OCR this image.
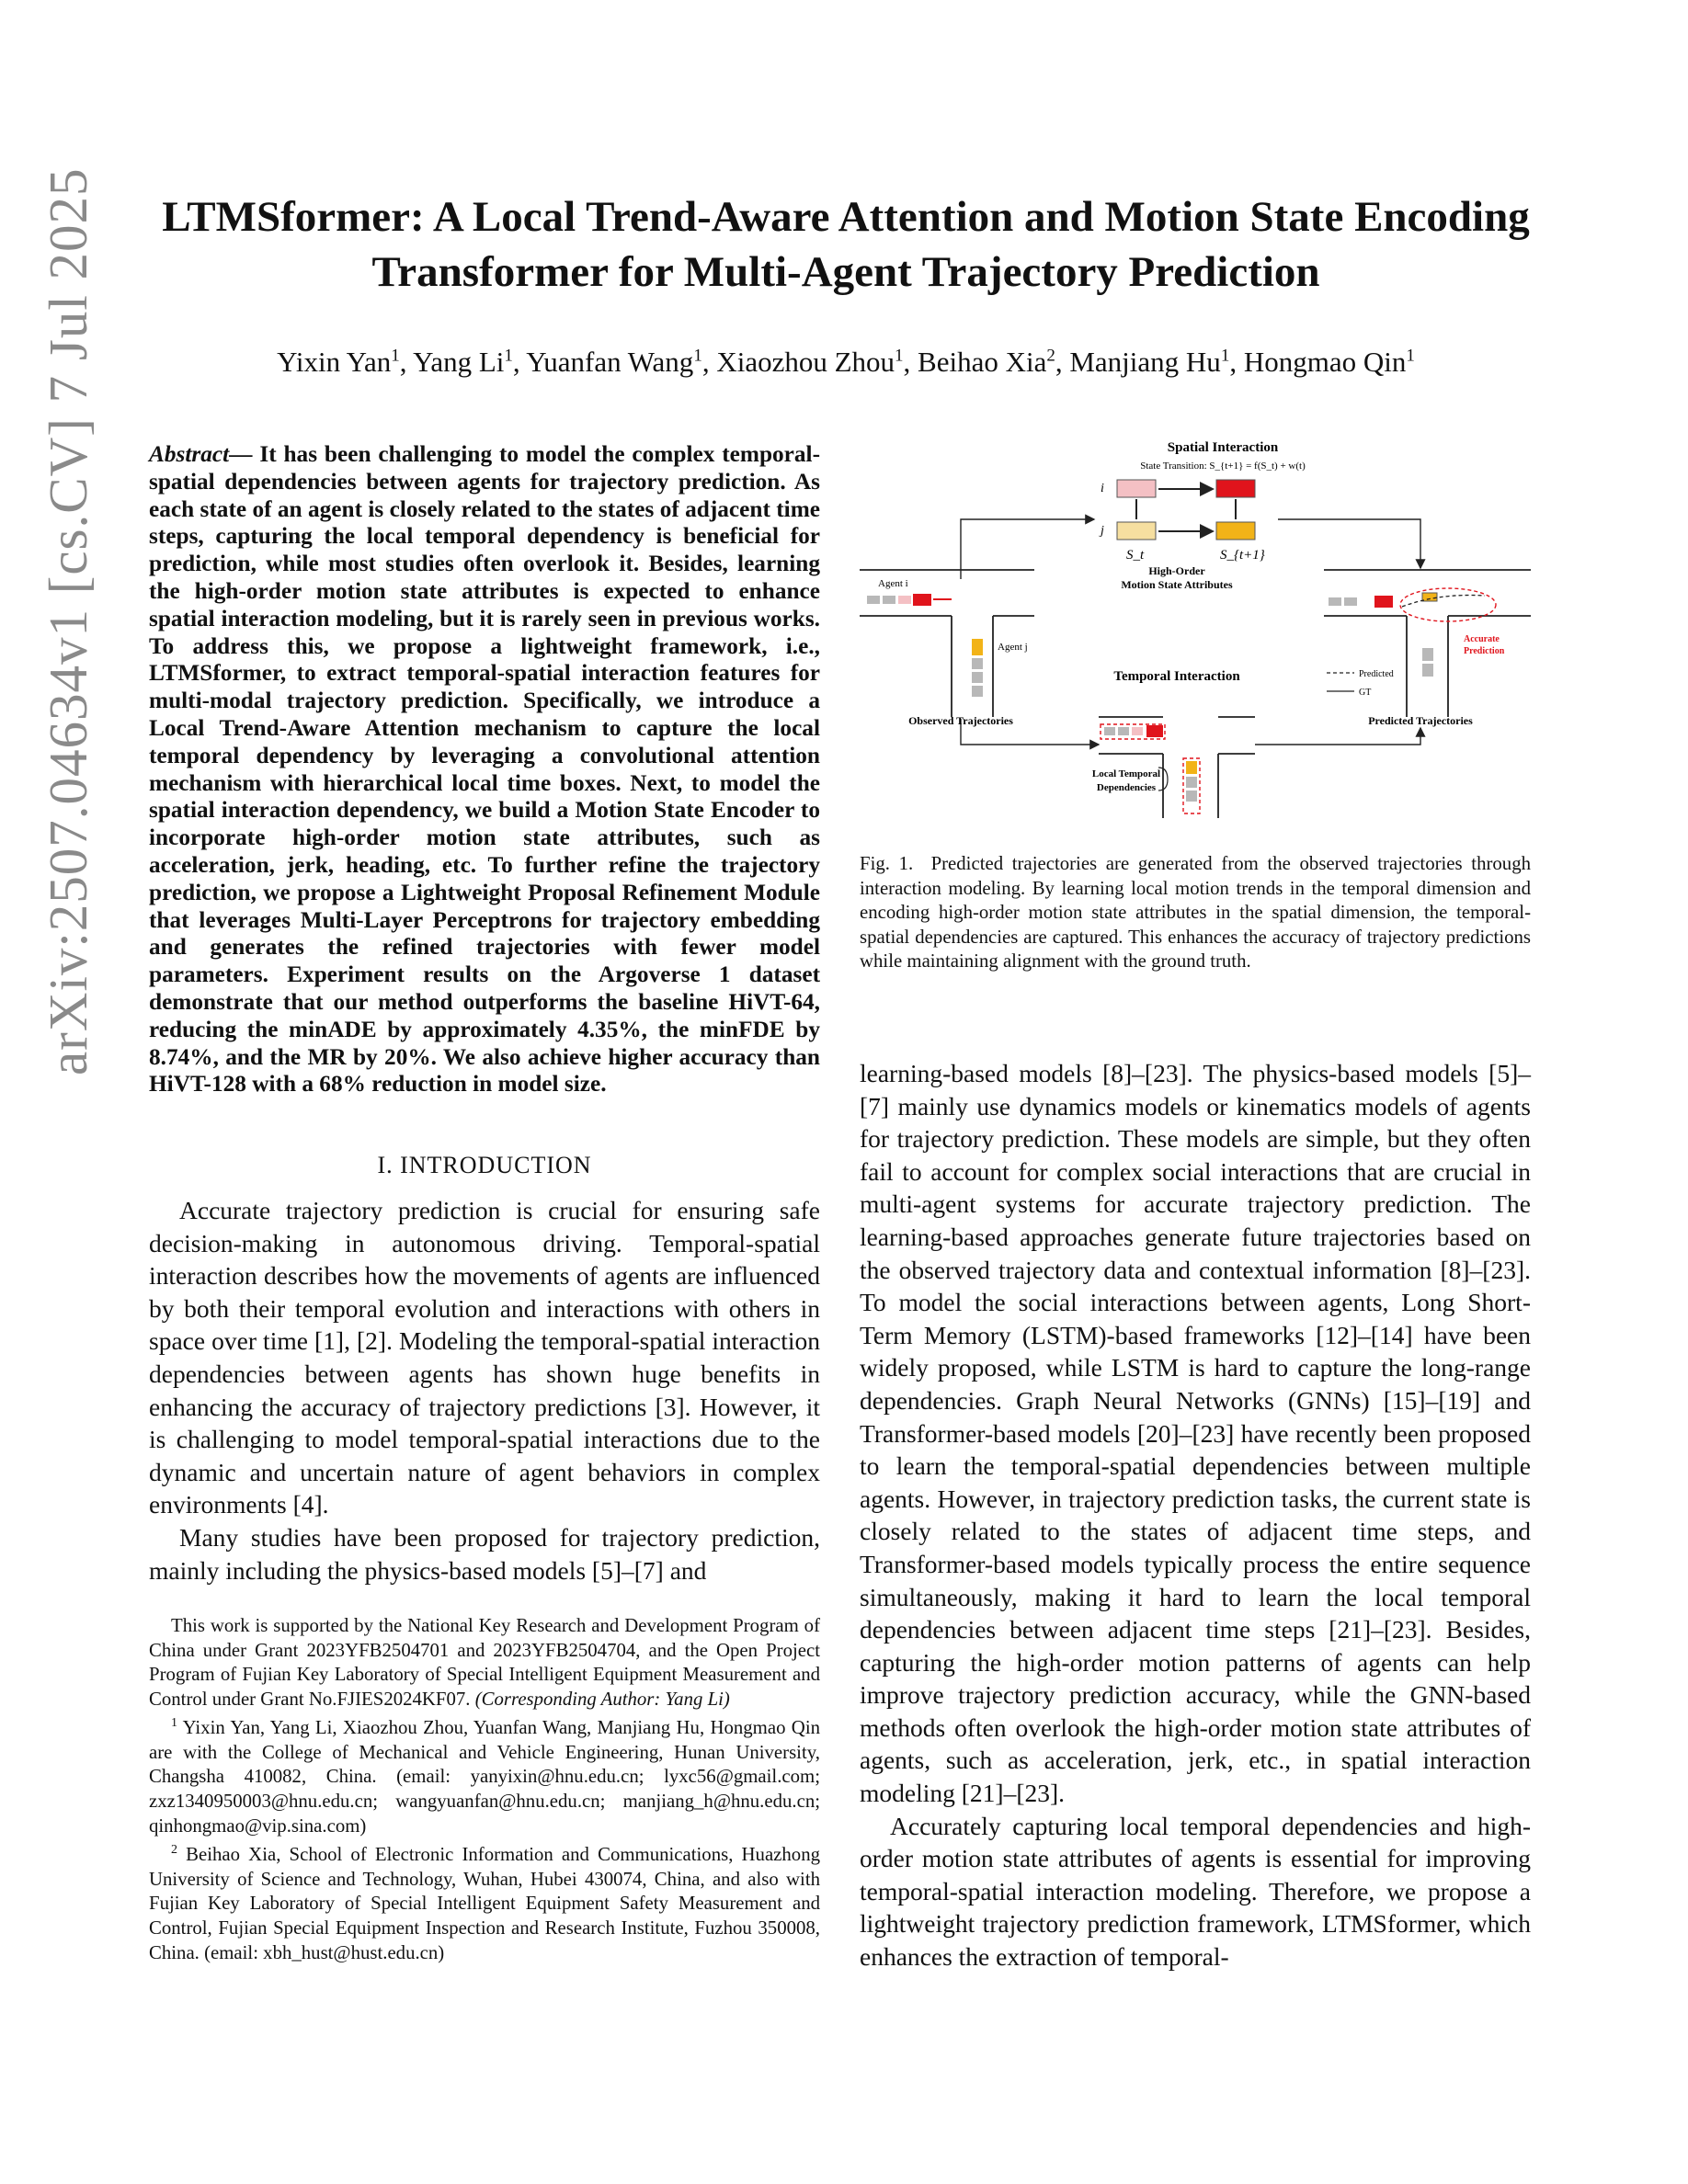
arXiv:2507.04634v1 [cs.CV] 7 Jul 2025	LTMSformer: A Local Trend-Aware Attention and Motion State Encoding Transformer for Multi-Agent Trajectory Prediction
Yixin Yan$^1$, Yang Li$^1$, Yuanfan Wang$^1$, Xiaozhou Zhou$^1$, Beihao Xia$^2$, Manjiang Hu$^1$, Hongmao Qin$^1$
Abstract— It has been challenging to model the complex temporal-spatial dependencies between agents for trajectory prediction. As each state of an agent is closely related to the states of adjacent time steps, capturing the local temporal dependency is beneficial for prediction, while most studies often overlook it. Besides, learning the high-order motion state attributes is expected to enhance spatial interaction modeling, but it is rarely seen in previous works. To address this, we propose a lightweight framework, i.e., LTMSformer, to extract temporal-spatial interaction features for multi-modal trajectory prediction. Specifically, we introduce a Local Trend-Aware Attention mechanism to capture the local temporal dependency by leveraging a convolutional attention mechanism with hierarchical local time boxes. Next, to model the spatial interaction dependency, we build a Motion State Encoder to incorporate high-order motion state attributes, such as acceleration, jerk, heading, etc. To further refine the trajectory prediction, we propose a Lightweight Proposal Refinement Module that leverages Multi-Layer Perceptrons for trajectory embedding and generates the refined trajectories with fewer model parameters. Experiment results on the Argoverse 1 dataset demonstrate that our method outperforms the baseline HiVT-64, reducing the minADE by approximately 4.35%, the minFDE by 8.74%, and the MR by 20%. We also achieve higher accuracy than HiVT-128 with a 68% reduction in model size.
I. INTRODUCTION

Accurate trajectory prediction is crucial for ensuring safe decision-making in autonomous driving. Temporal-spatial interaction describes how the movements of agents are influenced by both their temporal evolution and interactions with others in space over time [1], [2]. Modeling the temporal-spatial interaction dependencies between agents has shown huge benefits in enhancing the accuracy of trajectory predictions [3]. However, it is challenging to model temporal-spatial interactions due to the dynamic and uncertain nature of agent behaviors in complex environments [4].

Many studies have been proposed for trajectory prediction, mainly including the physics-based models [5]–[7] and

This work is supported by the National Key Research and Development Program of China under Grant 2023YFB2504701 and 2023YFB2504704, and the Open Project Program of Fujian Key Laboratory of Special Intelligent Equipment Measurement and Control under Grant No.FJIES2024KF07. (Corresponding Author: Yang Li)

$^1$ Yixin Yan, Yang Li, Xiaozhou Zhou, Yuanfan Wang, Manjiang Hu, Hongmao Qin are with the College of Mechanical and Vehicle Engineering, Hunan University, Changsha 410082, China. (email: yanyixin@hnu.edu.cn; lyxc56@gmail.com; zxz1340950003@hnu.edu.cn; wangyuanfan@hnu.edu.cn; manjiang_h@hnu.edu.cn; qinhongmao@vip.sina.com)

$^2$ Beihao Xia, School of Electronic Information and Communications, Huazhong University of Science and Technology, Wuhan, Hubei 430074, China, and also with Fujian Key Laboratory of Special Intelligent Equipment Safety Measurement and Control, Fujian Special Equipment Inspection and Research Institute, Fuzhou 350008, China. (email: xbh_hust@hust.edu.cn)

learning-based models [8]–[23]. The physics-based models [5]–[7] mainly use dynamics models or kinematics models of agents for trajectory prediction. These models are simple, but they often fail to account for complex social interactions that are crucial in multi-agent systems for accurate trajectory prediction. The learning-based approaches generate future trajectories based on the observed trajectory data and contextual information [8]–[23]. To model the social interactions between agents, Long Short-Term Memory (LSTM)-based frameworks [12]–[14] have been widely proposed, while LSTM is hard to capture the long-range dependencies. Graph Neural Networks (GNNs) [15]–[19] and Transformer-based models [20]–[23] have recently been proposed to learn the temporal-spatial dependencies between multiple agents. However, in trajectory prediction tasks, the current state is closely related to the states of adjacent time steps, and Transformer-based models typically process the entire sequence simultaneously, making it hard to learn the local temporal dependencies between adjacent time steps [21]–[23]. Besides, capturing the high-order motion patterns of agents can help improve trajectory prediction accuracy, while the GNN-based methods often overlook the high-order motion state attributes of agents, such as acceleration, jerk, etc., in spatial interaction modeling [21]–[23].

Accurately capturing local temporal dependencies and high-order motion state attributes of agents is essential for improving temporal-spatial interaction modeling. Therefore, we propose a lightweight trajectory prediction framework, LTMSformer, which enhances the extraction of temporal-

Spatial Interaction
State Transition: S_{t+1} = f(S_t) + w(t)
i
j
S_t	S_{t+1}
High-Order
Motion State Attributes
Agent i
Agent j
Observed Trajectories
Accurate
Prediction
Predicted
GT
Predicted Trajectories
Temporal Interaction
Local Temporal
Dependencies
Fig. 1. Predicted trajectories are generated from the observed trajectories through interaction modeling. By learning local motion trends in the temporal dimension and encoding high-order motion state attributes in the spatial dimension, the temporal-spatial dependencies are captured. This enhances the accuracy of trajectory predictions while maintaining alignment with the ground truth.
